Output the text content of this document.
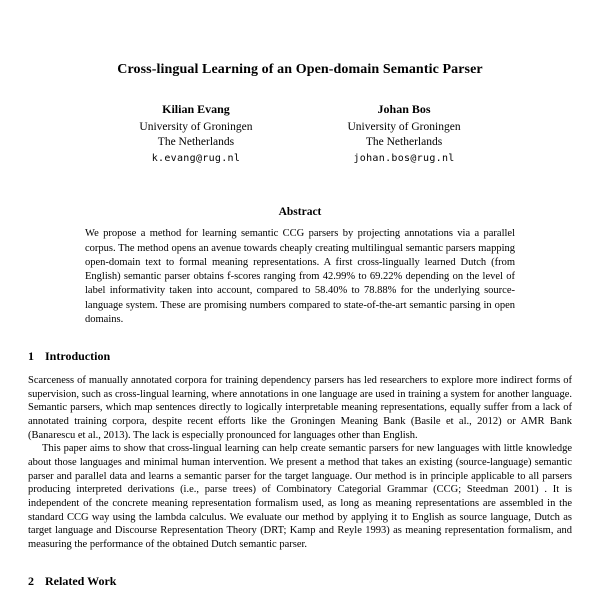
Cross-lingual Learning of an Open-domain Semantic Parser
Kilian Evang
University of Groningen
The Netherlands
k.evang@rug.nl
Johan Bos
University of Groningen
The Netherlands
johan.bos@rug.nl
Abstract

We propose a method for learning semantic CCG parsers by projecting annotations via a parallel corpus. The method opens an avenue towards cheaply creating multilingual semantic parsers mapping open-domain text to formal meaning representations. A first cross-lingually learned Dutch (from English) semantic parser obtains f-scores ranging from 42.99% to 69.22% depending on the level of label informativity taken into account, compared to 58.40% to 78.88% for the underlying source-language system. These are promising numbers compared to state-of-the-art semantic parsing in open domains.

1 Introduction

Scarceness of manually annotated corpora for training dependency parsers has led researchers to explore more indirect forms of supervision, such as cross-lingual learning, where annotations in one language are used in training a system for another language. Semantic parsers, which map sentences directly to logically interpretable meaning representations, equally suffer from a lack of annotated training corpora, despite recent efforts like the Groningen Meaning Bank (Basile et al., 2012) or AMR Bank (Banarescu et al., 2013). The lack is especially pronounced for languages other than English.

This paper aims to show that cross-lingual learning can help create semantic parsers for new languages with little knowledge about those languages and minimal human intervention. We present a method that takes an existing (source-language) semantic parser and parallel data and learns a semantic parser for the target language. Our method is in principle applicable to all parsers producing interpreted derivations (i.e., parse trees) of Combinatory Categorial Grammar (CCG; Steedman 2001) . It is independent of the concrete meaning representation formalism used, as long as meaning representations are assembled in the standard CCG way using the lambda calculus. We evaluate our method by applying it to English as source language, Dutch as target language and Discourse Representation Theory (DRT; Kamp and Reyle 1993) as meaning representation formalism, and measuring the performance of the obtained Dutch semantic parser.

2 Related Work
